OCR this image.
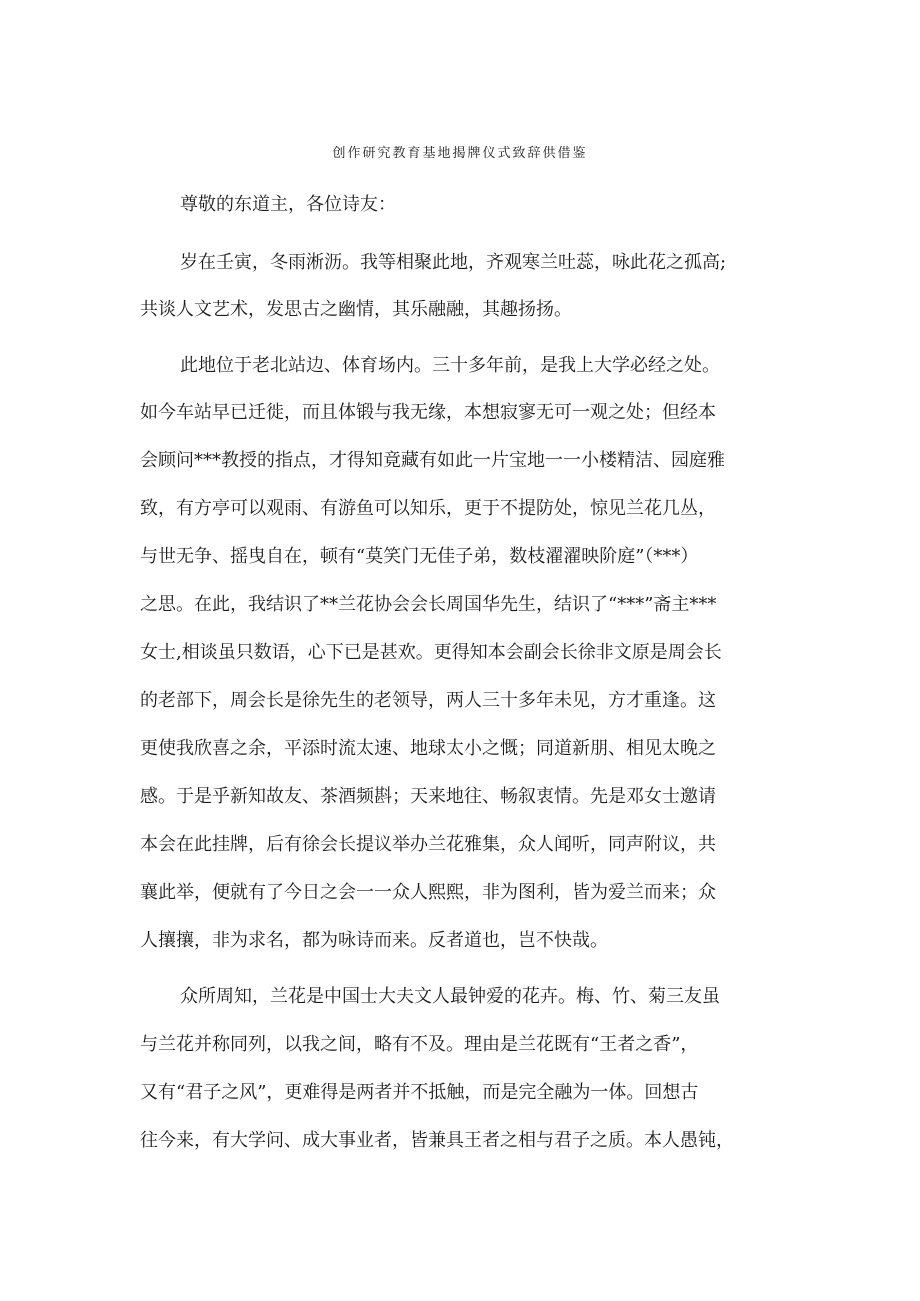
创作研究教育基地揭牌仪式致辞供借鉴

尊敬的东道主，各位诗友：

岁在壬寅，冬雨淅沥。我等相聚此地，齐观寒兰吐蕊，咏此花之孤高;

共谈人文艺术，发思古之幽情，其乐融融，其趣扬扬。

此地位于老北站边、体育场内。三十多年前，是我上大学必经之处。

如今车站早已迁徙，而且体锻与我无缘，本想寂寥无可一观之处；但经本

会顾问***教授的指点，才得知竟藏有如此一片宝地一一小楼精洁、园庭雅

致，有方亭可以观雨、有游鱼可以知乐，更于不提防处，惊见兰花几丛，

与世无争、摇曳自在，顿有“莫笑门无佳子弟，数枝濯濯映阶庭”（***）

之思。在此，我结识了**兰花协会会长周国华先生，结识了“***”斋主***

女士,相谈虽只数语，心下已是甚欢。更得知本会副会长徐非文原是周会长

的老部下，周会长是徐先生的老领导，两人三十多年未见，方才重逢。这

更使我欣喜之余，平添时流太速、地球太小之慨；同道新朋、相见太晚之

感。于是乎新知故友、茶酒频斟；天来地往、畅叙衷情。先是邓女士邀请

本会在此挂牌，后有徐会长提议举办兰花雅集，众人闻听，同声附议，共

襄此举，便就有了今日之会一一众人熙熙，非为图利，皆为爱兰而来；众

人攘攘，非为求名，都为咏诗而来。反者道也，岂不快哉。

众所周知，兰花是中国士大夫文人最钟爱的花卉。梅、竹、菊三友虽

与兰花并称同列，以我之间，略有不及。理由是兰花既有“王者之香”，

又有“君子之风”，更难得是两者并不抵触，而是完全融为一体。回想古

往今来，有大学问、成大事业者，皆兼具王者之相与君子之质。本人愚钝，
